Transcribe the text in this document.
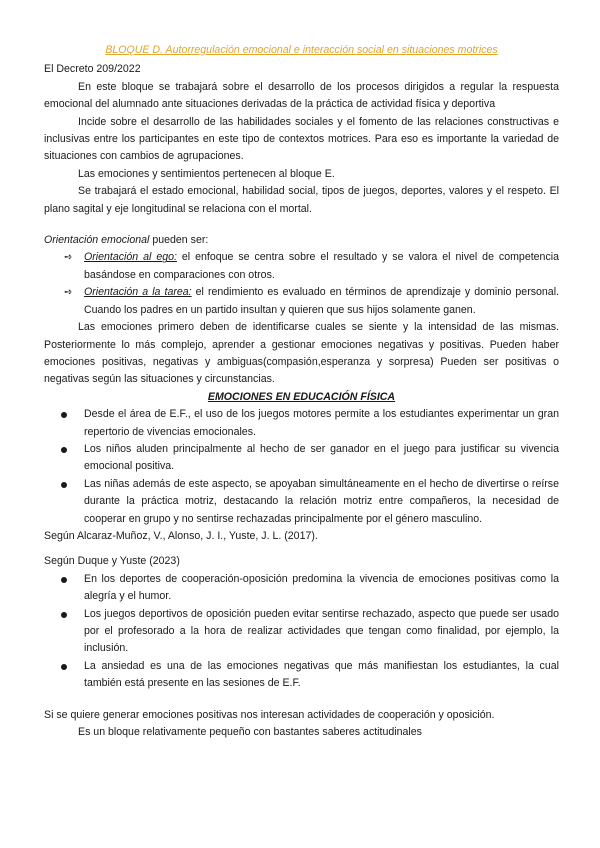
BLOQUE D. Autorregulación emocional e interacción social en situaciones motrices

El Decreto 209/2022

En este bloque se trabajará sobre el desarrollo de los procesos dirigidos a regular la respuesta emocional del alumnado ante situaciones derivadas de la práctica de actividad física y deportiva

Incide sobre el desarrollo de las habilidades sociales y el fomento de las relaciones constructivas e inclusivas entre los participantes en este tipo de contextos motrices. Para eso es importante la variedad de situaciones con cambios de agrupaciones.

Las emociones y sentimientos pertenecen al bloque E.

Se trabajará el estado emocional, habilidad social, tipos de juegos, deportes, valores y el respeto. El plano sagital y eje longitudinal se relaciona con el mortal.

Orientación emocional pueden ser:

➺ Orientación al ego: el enfoque se centra sobre el resultado y se valora el nivel de competencia basándose en comparaciones con otros.
➺ Orientación a la tarea: el rendimiento es evaluado en términos de aprendizaje y dominio personal. Cuando los padres en un partido insultan y quieren que sus hijos solamente ganen.

Las emociones primero deben de identificarse cuales se siente y la intensidad de las mismas. Posteriormente lo más complejo, aprender a gestionar emociones negativas y positivas. Pueden haber emociones positivas, negativas y ambiguas(compasión,esperanza y sorpresa) Pueden ser positivas o negativas según las situaciones y circunstancias.

EMOCIONES EN EDUCACIÓN FÍSICA

Desde el área de E.F., el uso de los juegos motores permite a los estudiantes experimentar un gran repertorio de vivencias emocionales.
Los niños aluden principalmente al hecho de ser ganador en el juego para justificar su vivencia emocional positiva.
Las niñas además de este aspecto, se apoyaban simultáneamente en el hecho de divertirse o reírse durante la práctica motriz, destacando la relación motriz entre compañeros, la necesidad de cooperar en grupo y no sentirse rechazadas principalmente por el género masculino.

Según Alcaraz-Muñoz, V., Alonso, J. I., Yuste, J. L. (2017).

Según Duque y Yuste (2023)

En los deportes de cooperación-oposición predomina la vivencia de emociones positivas como la alegría y el humor.
Los juegos deportivos de oposición pueden evitar sentirse rechazado, aspecto que puede ser usado por el profesorado a la hora de realizar actividades que tengan como finalidad, por ejemplo, la inclusión.
La ansiedad es una de las emociones negativas que más manifiestan los estudiantes, la cual también está presente en las sesiones de E.F.

Si se quiere generar emociones positivas nos interesan actividades de cooperación y oposición.

Es un bloque relativamente pequeño con bastantes saberes actitudinales
